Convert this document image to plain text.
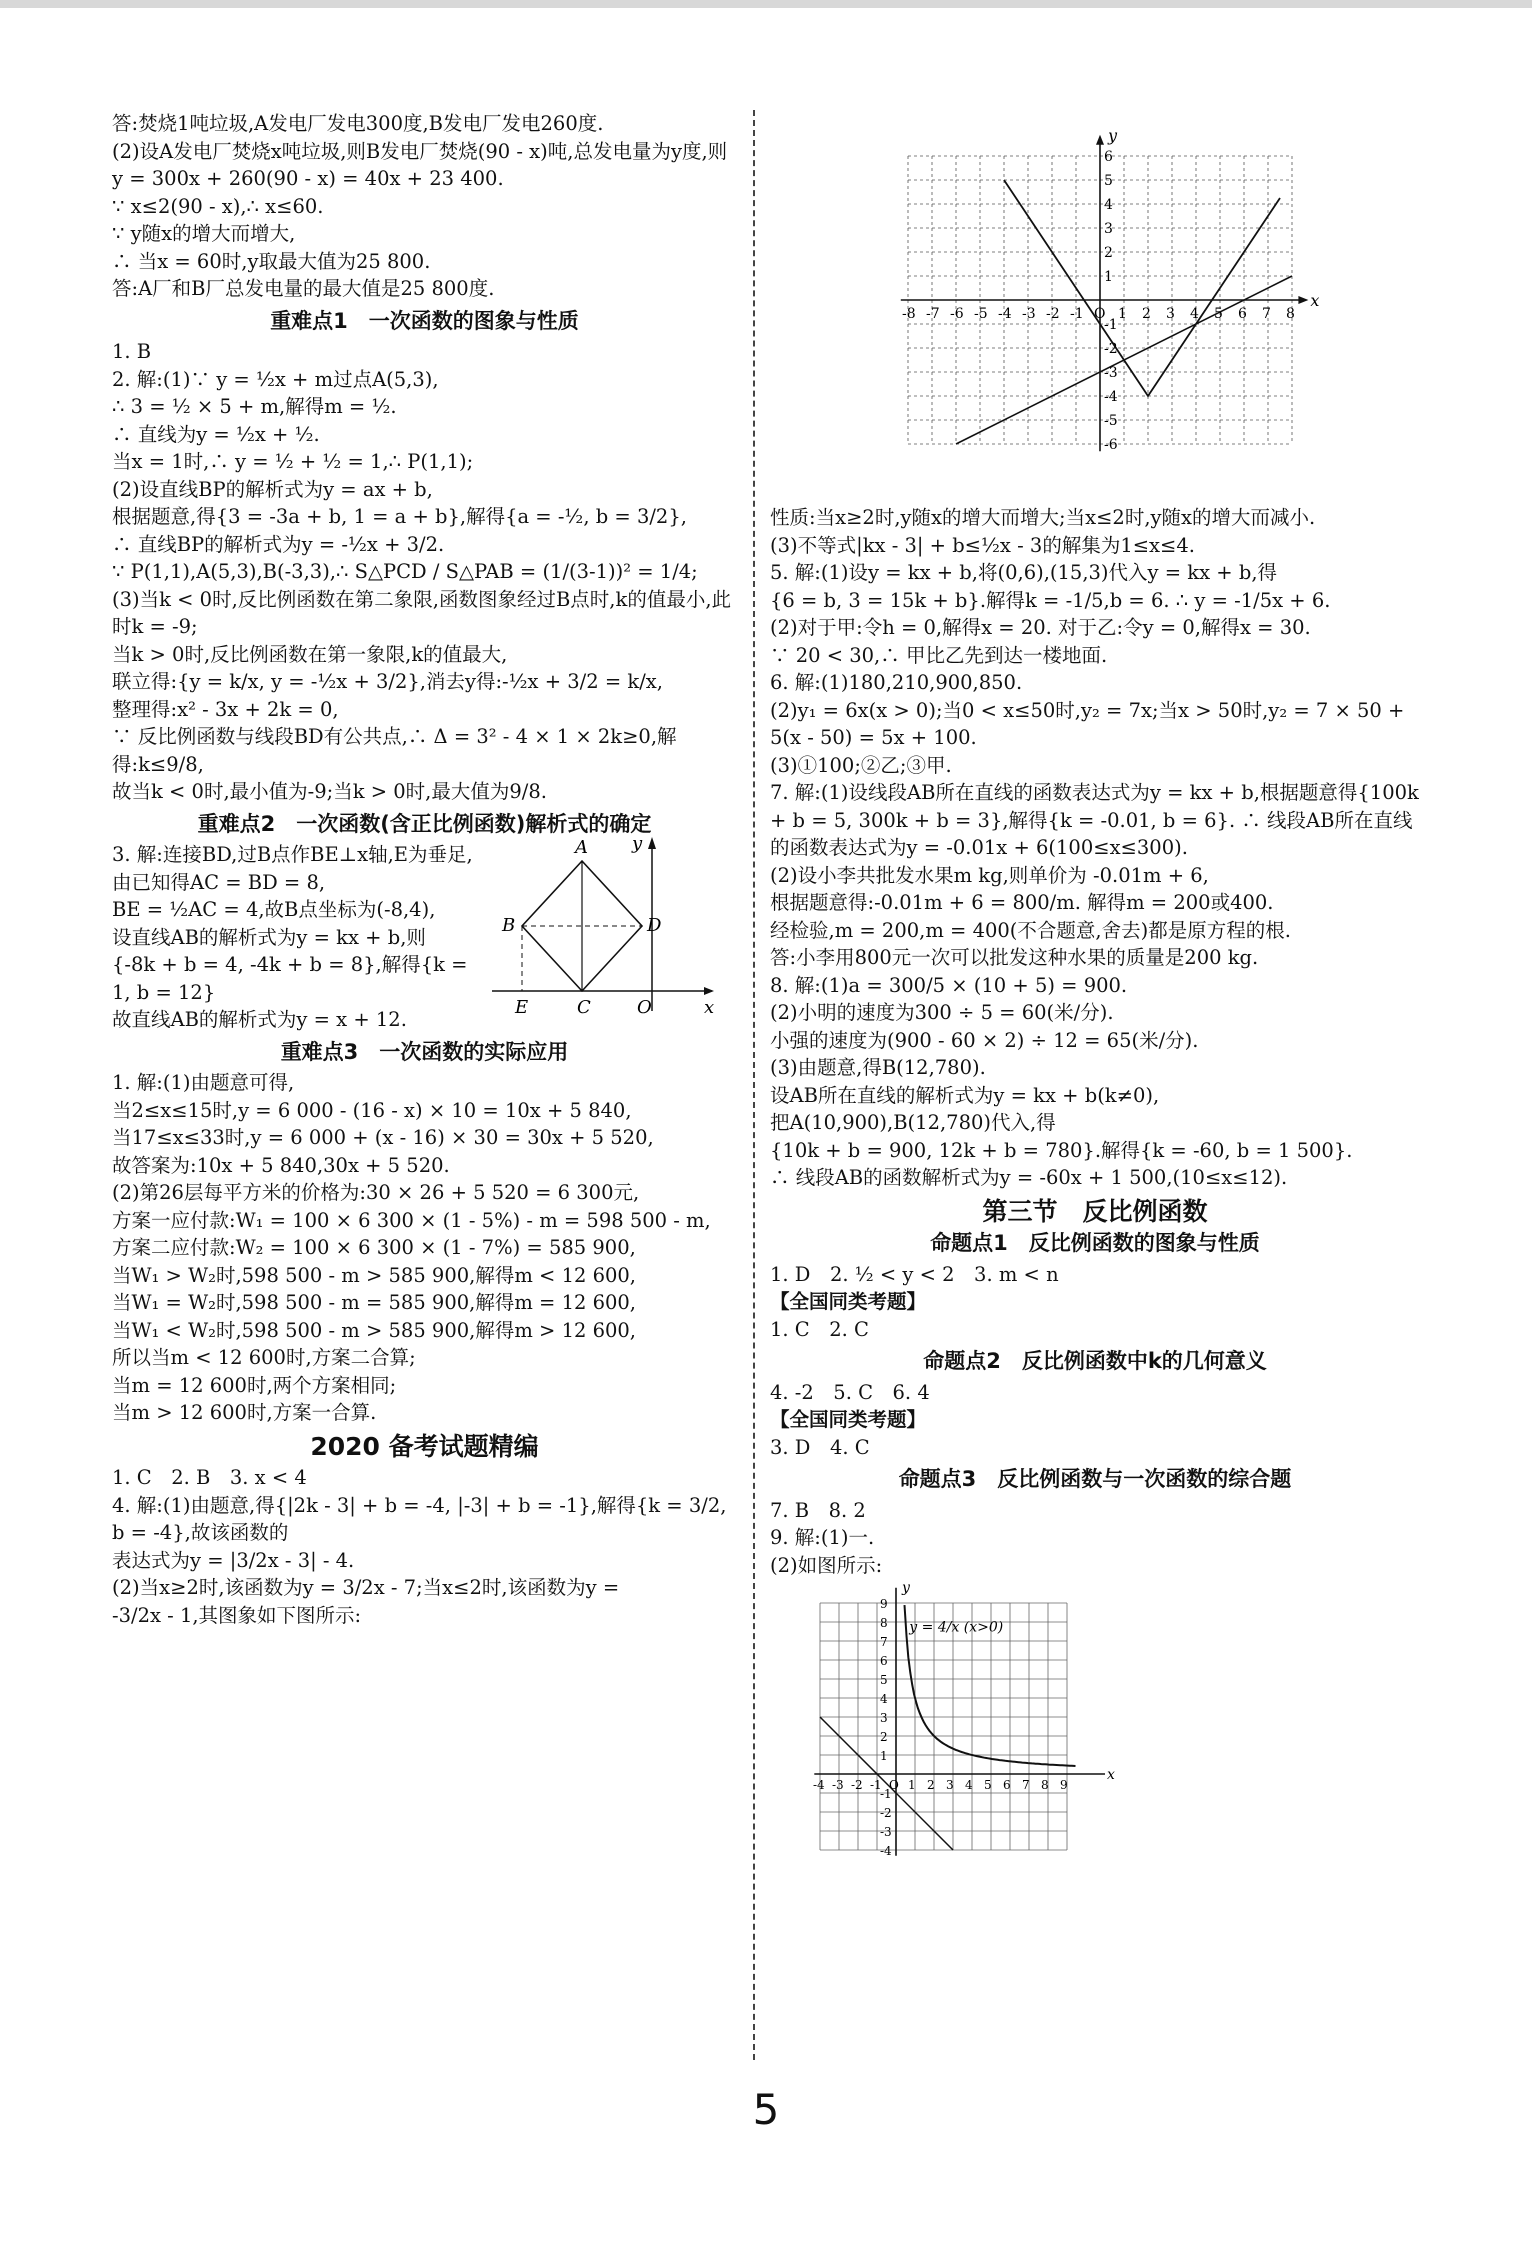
答:焚烧1吨垃圾,A发电厂发电300度,B发电厂发电260度.
(2)设A发电厂焚烧x吨垃圾,则B发电厂焚烧(90 - x)吨,总发电量为y度,则y = 300x + 260(90 - x) = 40x + 23 400.
∵ x≤2(90 - x),∴ x≤60.
∵ y随x的增大而增大,
∴ 当x = 60时,y取最大值为25 800.
答:A厂和B厂总发电量的最大值是25 800度.
重难点1　一次函数的图象与性质
1. B
2. 解:(1)∵ y = ½x + m过点A(5,3),
∴ 3 = ½ × 5 + m,解得m = ½.
∴ 直线为y = ½x + ½.
当x = 1时,∴ y = ½ + ½ = 1,∴ P(1,1);
(2)设直线BP的解析式为y = ax + b,
根据题意,得{3 = -3a + b, 1 = a + b},解得{a = -½, b = 3/2},
∴ 直线BP的解析式为y = -½x + 3/2.
∵ P(1,1),A(5,3),B(-3,3),∴ S△PCD / S△PAB = (1/(3-1))² = 1/4;
(3)当k < 0时,反比例函数在第二象限,函数图象经过B点时,k的值最小,此时k = -9;
当k > 0时,反比例函数在第一象限,k的值最大,
联立得:{y = k/x, y = -½x + 3/2},消去y得:-½x + 3/2 = k/x,
整理得:x² - 3x + 2k = 0,
∵ 反比例函数与线段BD有公共点,∴ Δ = 3² - 4 × 1 × 2k≥0,解得:k≤9/8,
故当k < 0时,最小值为-9;当k > 0时,最大值为9/8.
重难点2　一次函数(含正比例函数)解析式的确定
3. 解:连接BD,过B点作BE⊥x轴,E为垂足,由已知得AC = BD = 8,
BE = ½AC = 4,故B点坐标为(-8,4),
设直线AB的解析式为y = kx + b,则
{-8k + b = 4, -4k + b = 8},解得{k = 1, b = 12}
故直线AB的解析式为y = x + 12.
A
B
C
D
E	O	x
y
重难点3　一次函数的实际应用
1. 解:(1)由题意可得,
当2≤x≤15时,y = 6 000 - (16 - x) × 10 = 10x + 5 840,
当17≤x≤33时,y = 6 000 + (x - 16) × 30 = 30x + 5 520,
故答案为:10x + 5 840,30x + 5 520.
(2)第26层每平方米的价格为:30 × 26 + 5 520 = 6 300元,
方案一应付款:W₁ = 100 × 6 300 × (1 - 5%) - m = 598 500 - m,
方案二应付款:W₂ = 100 × 6 300 × (1 - 7%) = 585 900,
当W₁ > W₂时,598 500 - m > 585 900,解得m < 12 600,
当W₁ = W₂时,598 500 - m = 585 900,解得m = 12 600,
当W₁ < W₂时,598 500 - m > 585 900,解得m > 12 600,
所以当m < 12 600时,方案二合算;
当m = 12 600时,两个方案相同;
当m > 12 600时,方案一合算.
2020 备考试题精编
1. C　2. B　3. x < 4
4. 解:(1)由题意,得{|2k - 3| + b = -4, |-3| + b = -1},解得{k = 3/2, b = -4},故该函数的
表达式为y = |3/2x - 3| - 4.
(2)当x≥2时,该函数为y = 3/2x - 7;当x≤2时,该函数为y =
-3/2x - 1,其图象如下图所示:
-8 -7 -6 -5 -4 -3 -2 -1 O 1 2 3 4 5 6 7 8
6
5
4
3
2
1
-1
-2
-3
-4
-5
-6
x
y
性质:当x≥2时,y随x的增大而增大;当x≤2时,y随x的增大而减小.
(3)不等式|kx - 3| + b≤½x - 3的解集为1≤x≤4.
5. 解:(1)设y = kx + b,将(0,6),(15,3)代入y = kx + b,得
{6 = b, 3 = 15k + b}.解得k = -1/5,b = 6. ∴ y = -1/5x + 6.
(2)对于甲:令h = 0,解得x = 20. 对于乙:令y = 0,解得x = 30.
∵ 20 < 30,∴ 甲比乙先到达一楼地面.
6. 解:(1)180,210,900,850.
(2)y₁ = 6x(x > 0);当0 < x≤50时,y₂ = 7x;当x > 50时,y₂ = 7 × 50 + 5(x - 50) = 5x + 100.
(3)①100;②乙;③甲.
7. 解:(1)设线段AB所在直线的函数表达式为y = kx + b,根据题意得{100k + b = 5, 300k + b = 3},解得{k = -0.01, b = 6}. ∴ 线段AB所在直线的函数表达式为y = -0.01x + 6(100≤x≤300).
(2)设小李共批发水果m kg,则单价为 -0.01m + 6,
根据题意得:-0.01m + 6 = 800/m. 解得m = 200或400.
经检验,m = 200,m = 400(不合题意,舍去)都是原方程的根.
答:小李用800元一次可以批发这种水果的质量是200 kg.
8. 解:(1)a = 300/5 × (10 + 5) = 900.
(2)小明的速度为300 ÷ 5 = 60(米/分).
小强的速度为(900 - 60 × 2) ÷ 12 = 65(米/分).
(3)由题意,得B(12,780).
设AB所在直线的解析式为y = kx + b(k≠0),
把A(10,900),B(12,780)代入,得
{10k + b = 900, 12k + b = 780}.解得{k = -60, b = 1 500}.
∴ 线段AB的函数解析式为y = -60x + 1 500,(10≤x≤12).
第三节　反比例函数
命题点1　反比例函数的图象与性质
1. D　2. ½ < y < 2　3. m < n
【全国同类考题】
1. C　2. C
命题点2　反比例函数中k的几何意义
4. -2　5. C　6. 4
【全国同类考题】
3. D　4. C
命题点3　反比例函数与一次函数的综合题
7. B　8. 2
9. 解:(1)一.
(2)如图所示:
y = 4/x (x>0)
-4 -3 -2 -1 O 1 2 3 4 5 6 7 8 9
9
8
7
6
5
4
3
2
1
-1
-2
-3
-4
x
y
5
